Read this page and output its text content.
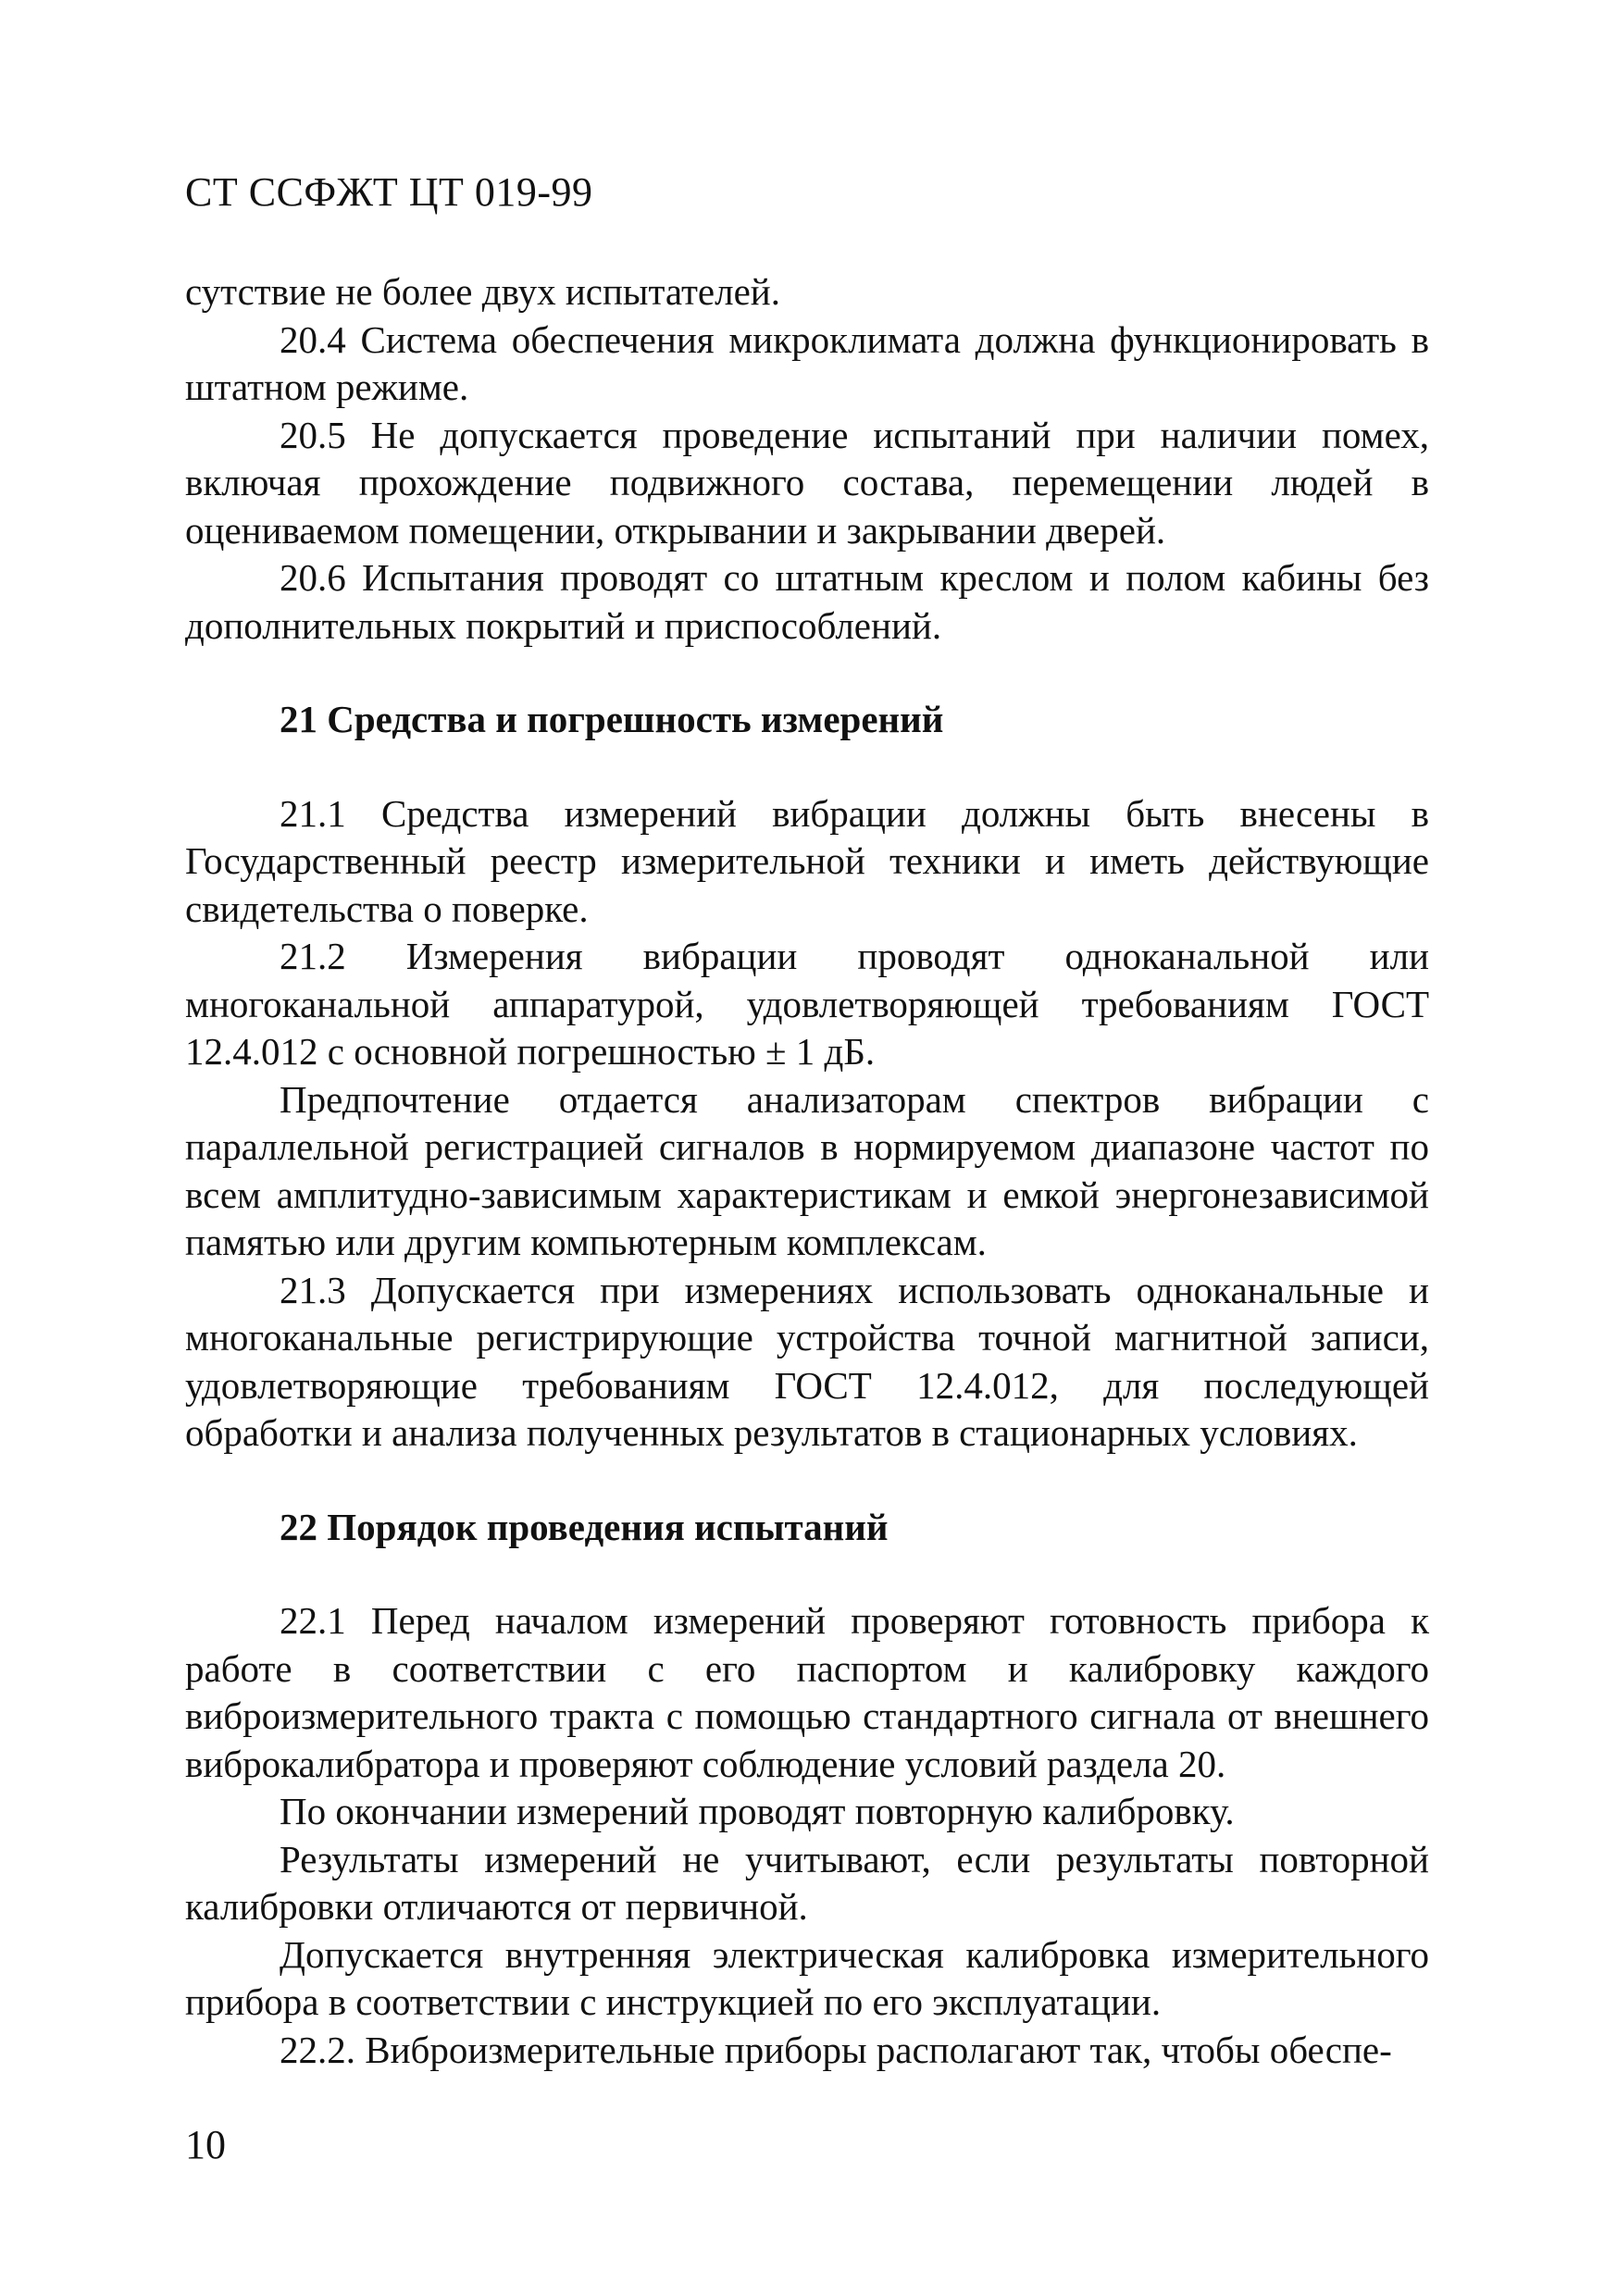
СТ ССФЖТ ЦТ 019-99

сутствие не более двух испытателей.

20.4 Система обеспечения микроклимата должна функционировать в штатном режиме.

20.5 Не допускается проведение испытаний при наличии помех, включая прохождение подвижного состава, перемещении людей в оцениваемом помещении, открывании и закрывании дверей.

20.6 Испытания проводят со штатным креслом и полом кабины без дополнительных покрытий и приспособлений.

21 Средства и погрешность измерений

21.1 Средства измерений вибрации должны быть внесены в Государственный реестр измерительной техники и иметь действующие свидетельства о поверке.

21.2 Измерения вибрации проводят одноканальной или многоканальной аппаратурой, удовлетворяющей требованиям ГОСТ 12.4.012 с основной погрешностью ± 1 дБ.

Предпочтение отдается анализаторам спектров вибрации с параллельной регистрацией сигналов в нормируемом диапазоне частот по всем амплитудно-зависимым характеристикам и емкой энергонезависимой памятью или другим компьютерным комплексам.

21.3 Допускается при измерениях использовать одноканальные и многоканальные регистрирующие устройства точной магнитной записи, удовлетворяющие требованиям ГОСТ 12.4.012, для последующей обработки и анализа полученных результатов в стационарных условиях.

22 Порядок проведения испытаний

22.1 Перед началом измерений проверяют готовность прибора к работе в соответствии с его паспортом и калибровку каждого виброизмерительного тракта с помощью стандартного сигнала от внешнего виброкалибратора и проверяют соблюдение условий раздела 20.

По окончании измерений проводят повторную калибровку.

Результаты измерений не учитывают, если результаты повторной калибровки отличаются от первичной.

Допускается внутренняя электрическая калибровка измерительного прибора в соответствии с инструкцией по его эксплуатации.

22.2. Виброизмерительные приборы располагают так, чтобы обеспе-

10
